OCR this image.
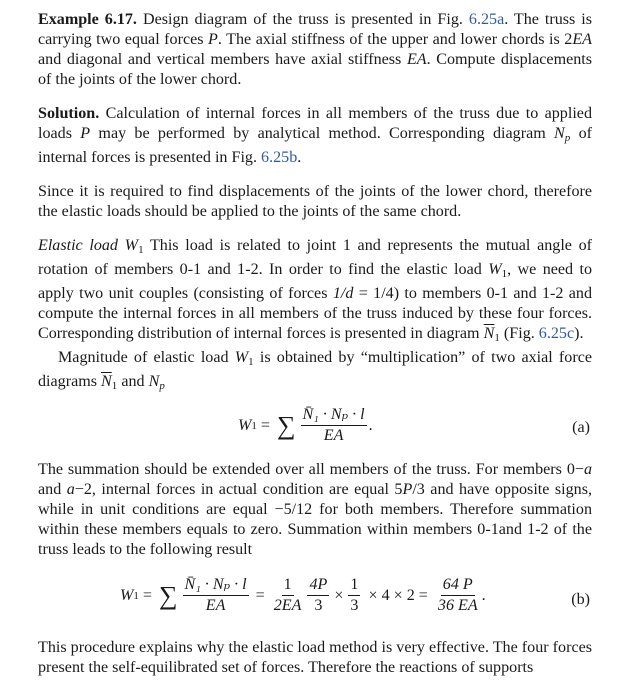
Example 6.17. Design diagram of the truss is presented in Fig. 6.25a. The truss is carrying two equal forces P. The axial stiffness of the upper and lower chords is 2EA and diagonal and vertical members have axial stiffness EA. Compute displacements of the joints of the lower chord.

Solution. Calculation of internal forces in all members of the truss due to applied loads P may be performed by analytical method. Corresponding diagram $N_p$ of internal forces is presented in Fig. 6.25b.

Since it is required to find displacements of the joints of the lower chord, therefore the elastic loads should be applied to the joints of the same chord.

Elastic load $W_1$ This load is related to joint 1 and represents the mutual angle of rotation of members 0-1 and 1-2. In order to find the elastic load $W_1$, we need to apply two unit couples (consisting of forces 1/d = 1/4) to members 0-1 and 1-2 and compute the internal forces in all members of the truss induced by these four forces. Corresponding distribution of internal forces is presented in diagram $\overline{N}_1$ (Fig. 6.25c).

Magnitude of elastic load $W_1$ is obtained by “multiplication” of two axial force diagrams $\overline{N}_1$ and $N_p$

W 1 = ∑ $\frac{\text{N̄₁ · Nₚ · l}}{EA}$ .	(a)

The summation should be extended over all members of the truss. For members 0−a and a−2, internal forces in actual condition are equal 5P/3 and have opposite signs, while in unit conditions are equal −5/12 for both members. Therefore summation within these members equals to zero. Summation within members 0-1and 1-2 of the truss leads to the following result

W 1 = ∑ $\frac{\text{N̄₁ · Nₚ · l}}{EA} = \frac{1}{2EA} \frac{4P}{3} \times \frac{1}{3} \times 4 \times 2 = \frac{64 P}{36 EA}$ .	(b)

This procedure explains why the elastic load method is very effective. The four forces present the self-equilibrated set of forces. Therefore the reactions of supports
